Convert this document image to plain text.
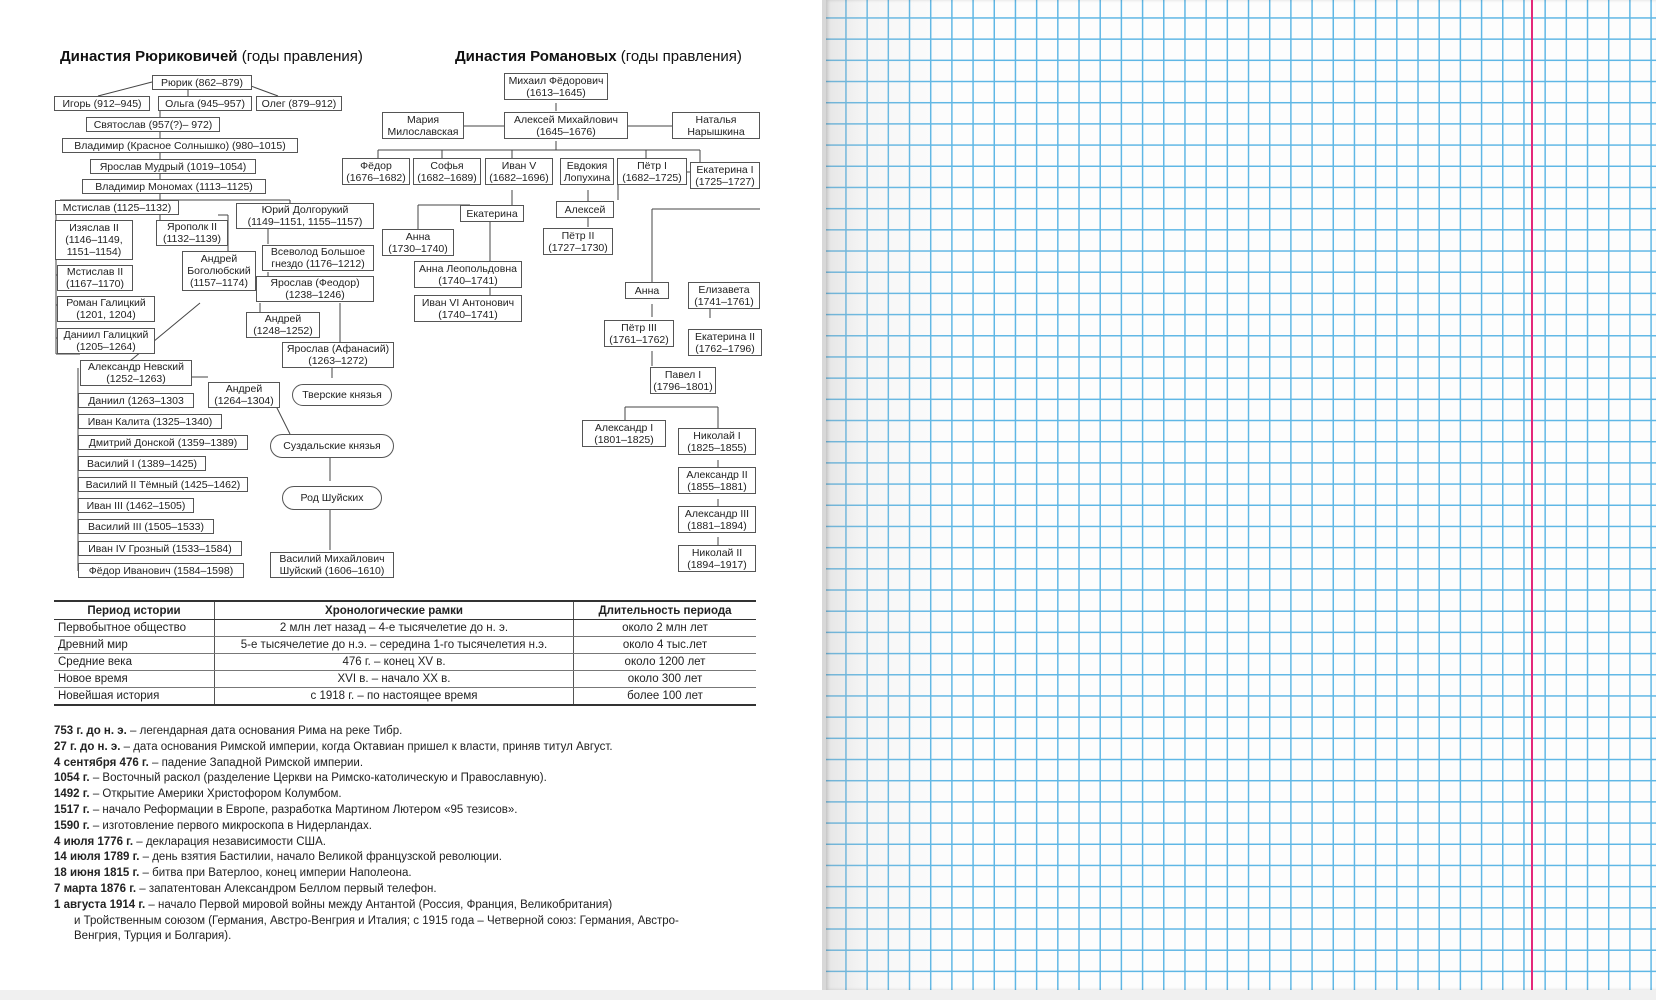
Династия Рюриковичей (годы правления)	Династия Романовых (годы правления)
Рюрик (862–879)
Игорь (912–945)	Ольга (945–957)	Олег (879–912)
Святослав (957(?)– 972)
Владимир (Красное Солнышко) (980–1015)
Ярослав Мудрый (1019–1054)
Владимир Мономах (1113–1125)
Мстислав (1125–1132)	Юрий Долгорукий
(1149–1151, 1155–1157)
Изяслав II
(1146–1149,
1151–1154)
Ярополк II
(1132–1139)
Андрей
Боголюбский
(1157–1174)
Всеволод Большое
гнездо (1176–1212)
Мстислав II
(1167–1170)
Роман Галицкий
(1201, 1204)
Ярослав (Феодор)
(1238–1246)
Андрей
(1248–1252)
Даниил Галицкий
(1205–1264)	Ярослав (Афанасий)
(1263–1272)
Александр Невский
(1252–1263)
Андрей
(1264–1304)
Даниил (1263–1303
Иван Калита (1325–1340)
Дмитрий Донской (1359–1389)
Василий I (1389–1425)
Василий II Тёмный (1425–1462)
Иван III (1462–1505)
Василий III (1505–1533)
Иван IV Грозный (1533–1584)
Фёдор Иванович (1584–1598)
Василий Михайлович
Шуйский (1606–1610)
Тверские князья
Суздальские князья
Род Шуйских
Михаил Фёдорович
(1613–1645)
Мария
Милославская
Алексей Михайлович
(1645–1676)
Наталья
Нарышкина
Фёдор
(1676–1682)
Софья
(1682–1689)
Иван V
(1682–1696)
Евдокия
Лопухина
Пётр I
(1682–1725)
Екатерина I
(1725–1727)
Екатерина
Анна
(1730–1740)
Алексей
Пётр II
(1727–1730)
Анна Леопольдовна
(1740–1741)
Иван VI Антонович
(1740–1741)
Анна	Елизавета
(1741–1761)
Пётр III
(1761–1762)	Екатерина II
(1762–1796)
Павел I
(1796–1801)
Александр I
(1801–1825)	Николай I
(1825–1855)
Александр II
(1855–1881)
Александр III
(1881–1894)
Николай II
(1894–1917)
Период истории	Хронологические рамки	Длительность периода
Первобытное общество	2 млн лет назад – 4-е тысячелетие до н. э.	около 2 млн лет
Древний мир	5-е тысячелетие до н.э. – середина 1-го тысячелетия н.э.	около 4 тыс.лет
Средние века	476 г. – конец XV в.	около 1200 лет
Новое время	XVI в. – начало XX в.	около 300 лет
Новейшая история	с 1918 г. – по настоящее время	более 100 лет
753 г. до н. э. – легендарная дата основания Рима на реке Тибр.
27 г. до н. э. – дата основания Римской империи, когда Октавиан пришел к власти, приняв титул Август.
4 сентября 476 г. – падение Западной Римской империи.
1054 г. – Восточный раскол (разделение Церкви на Римско-католическую и Православную).
1492 г. – Открытие Америки Христофором Колумбом.
1517 г. – начало Реформации в Европе, разработка Мартином Лютером «95 тезисов».
1590 г. – изготовление первого микроскопа в Нидерландах.
4 июля 1776 г. – декларация независимости США.
14 июля 1789 г. – день взятия Бастилии, начало Великой французской революции.
18 июня 1815 г. – битва при Ватерлоо, конец империи Наполеона.
7 марта 1876 г. – запатентован Александром Беллом первый телефон.
1 августа 1914 г. – начало Первой мировой войны между Антантой (Россия, Франция, Великобритания)
и Тройственным союзом (Германия, Австро-Венгрия и Италия; с 1915 года – Четверной союз: Германия, Австро-
Венгрия, Турция и Болгария).
